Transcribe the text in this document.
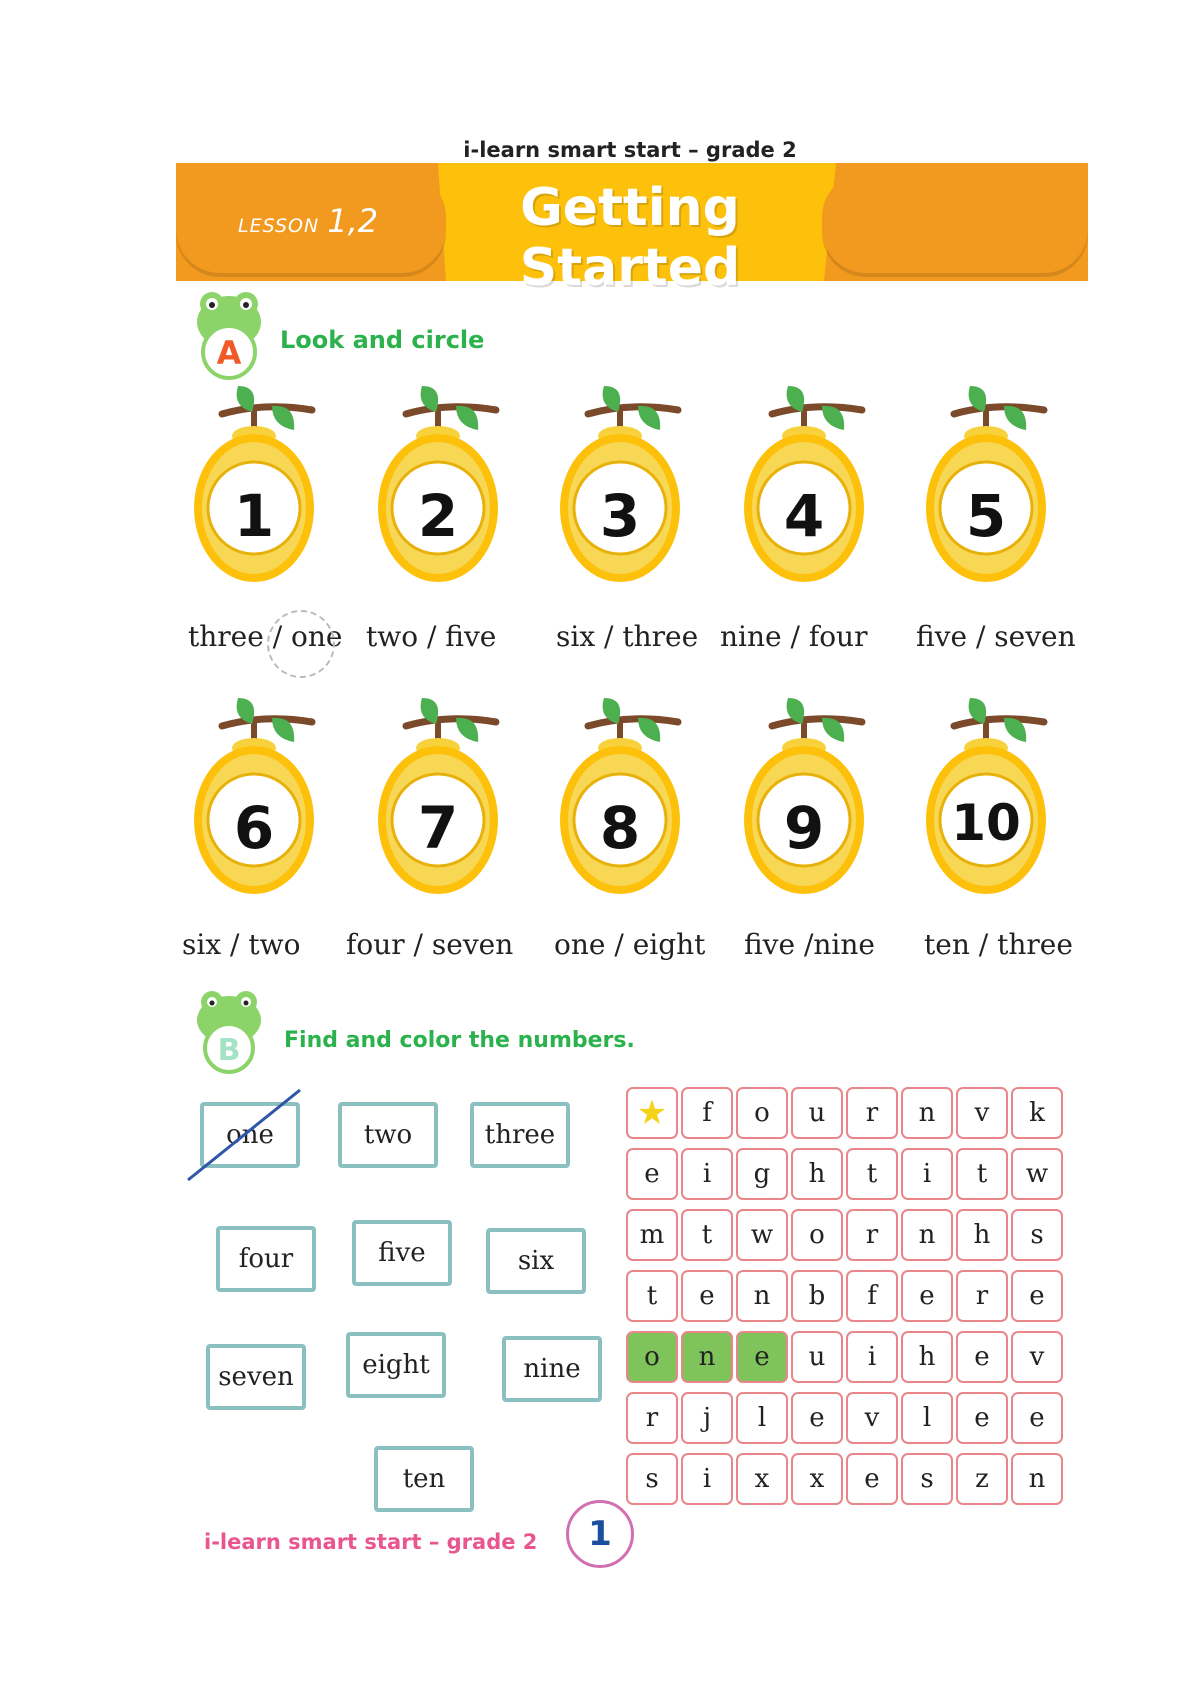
i-learn smart start – grade 2
LESSON 1,2	Getting Started
A Look and circle
1
three / one
2
two / five
3
six / three
4
nine / four
5
five / seven
6
six / two
7
four / seven
8
one / eight
9
five /nine
10
ten / three
B Find and color the numbers.
one	two	three
four	five	six
seven	eight	nine
ten
★	f	o	u	r	n	v	k
e	i	g	h	t	i	t	w
m	t	w	o	r	n	h	s
t	e	n	b	f	e	r	e
o	n	e	u	i	h	e	v
r	j	l	e	v	l	e	e
s	i	x	x	e	s	z	n
i-learn smart start – grade 2	1
